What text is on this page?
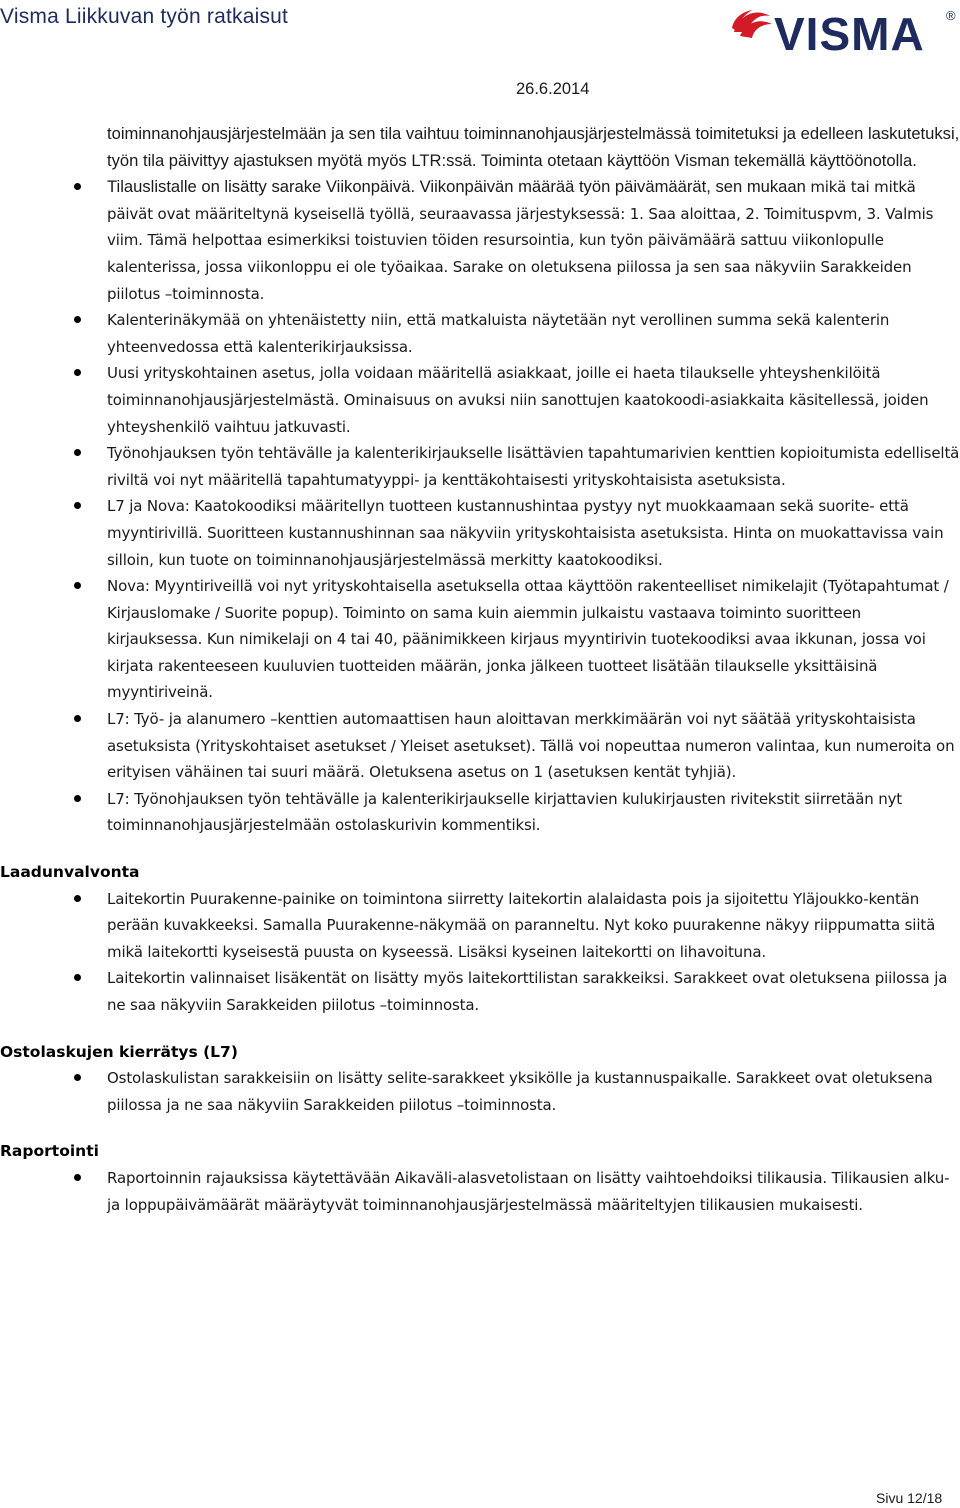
Visma Liikkuvan työn ratkaisut	VISMA ®
26.6.2014

toiminnanohjausjärjestelmään ja sen tila vaihtuu toiminnanohjausjärjestelmässä toimitetuksi ja edelleen laskutetuksi, työn tila päivittyy ajastuksen myötä myös LTR:ssä. Toiminta otetaan käyttöön Visman tekemällä käyttöönotolla.

Tilauslistalle on lisätty sarake Viikonpäivä. Viikonpäivän määrää työn päivämäärät, sen mukaan mikä tai mitkä päivät ovat määriteltynä kyseisellä työllä, seuraavassa järjestyksessä: 1. Saa aloittaa, 2. Toimituspvm, 3. Valmis viim. Tämä helpottaa esimerkiksi toistuvien töiden resursointia, kun työn päivämäärä sattuu viikonlopulle kalenterissa, jossa viikonloppu ei ole työaikaa. Sarake on oletuksena piilossa ja sen saa näkyviin Sarakkeiden piilotus –toiminnosta.
Kalenterinäkymää on yhtenäistetty niin, että matkaluista näytetään nyt verollinen summa sekä kalenterin yhteenvedossa että kalenterikirjauksissa.
Uusi yrityskohtainen asetus, jolla voidaan määritellä asiakkaat, joille ei haeta tilaukselle yhteyshenkilöitä toiminnanohjausjärjestelmästä. Ominaisuus on avuksi niin sanottujen kaatokoodi-asiakkaita käsitellessä, joiden yhteyshenkilö vaihtuu jatkuvasti.
Työnohjauksen työn tehtävälle ja kalenterikirjaukselle lisättävien tapahtumarivien kenttien kopioitumista edelliseltä riviltä voi nyt määritellä tapahtumatyyppi- ja kenttäkohtaisesti yrityskohtaisista asetuksista.
L7 ja Nova: Kaatokoodiksi määritellyn tuotteen kustannushintaa pystyy nyt muokkaamaan sekä suorite- että myyntirivillä. Suoritteen kustannushinnan saa näkyviin yrityskohtaisista asetuksista. Hinta on muokattavissa vain silloin, kun tuote on toiminnanohjausjärjestelmässä merkitty kaatokoodiksi.
Nova: Myyntiriveillä voi nyt yrityskohtaisella asetuksella ottaa käyttöön rakenteelliset nimikelajit (Työtapahtumat / Kirjauslomake / Suorite popup). Toiminto on sama kuin aiemmin julkaistu vastaava toiminto suoritteen kirjauksessa. Kun nimikelaji on 4 tai 40, päänimikkeen kirjaus myyntirivin tuotekoodiksi avaa ikkunan, jossa voi kirjata rakenteeseen kuuluvien tuotteiden määrän, jonka jälkeen tuotteet lisätään tilaukselle yksittäisinä myyntiriveinä.
L7: Työ- ja alanumero –kenttien automaattisen haun aloittavan merkkimäärän voi nyt säätää yrityskohtaisista asetuksista (Yrityskohtaiset asetukset / Yleiset asetukset). Tällä voi nopeuttaa numeron valintaa, kun numeroita on erityisen vähäinen tai suuri määrä. Oletuksena asetus on 1 (asetuksen kentät tyhjiä).
L7: Työnohjauksen työn tehtävälle ja kalenterikirjaukselle kirjattavien kulukirjausten rivitekstit siirretään nyt toiminnanohjausjärjestelmään ostolaskurivin kommentiksi.
Laadunvalvonta
Laitekortin Puurakenne-painike on toimintona siirretty laitekortin alalaidasta pois ja sijoitettu Yläjoukko-kentän perään kuvakkeeksi. Samalla Puurakenne-näkymää on paranneltu. Nyt koko puurakenne näkyy riippumatta siitä mikä laitekortti kyseisestä puusta on kyseessä. Lisäksi kyseinen laitekortti on lihavoituna.
Laitekortin valinnaiset lisäkentät on lisätty myös laitekorttilistan sarakkeiksi. Sarakkeet ovat oletuksena piilossa ja ne saa näkyviin Sarakkeiden piilotus –toiminnosta.
Ostolaskujen kierrätys (L7)
Ostolaskulistan sarakkeisiin on lisätty selite-sarakkeet yksikölle ja kustannuspaikalle. Sarakkeet ovat oletuksena piilossa ja ne saa näkyviin Sarakkeiden piilotus –toiminnosta.
Raportointi
Raportoinnin rajauksissa käytettävään Aikaväli-alasvetolistaan on lisätty vaihtoehdoiksi tilikausia. Tilikausien alku- ja loppupäivämäärät määräytyvät toiminnanohjausjärjestelmässä määriteltyjen tilikausien mukaisesti.
Sivu 12/18
